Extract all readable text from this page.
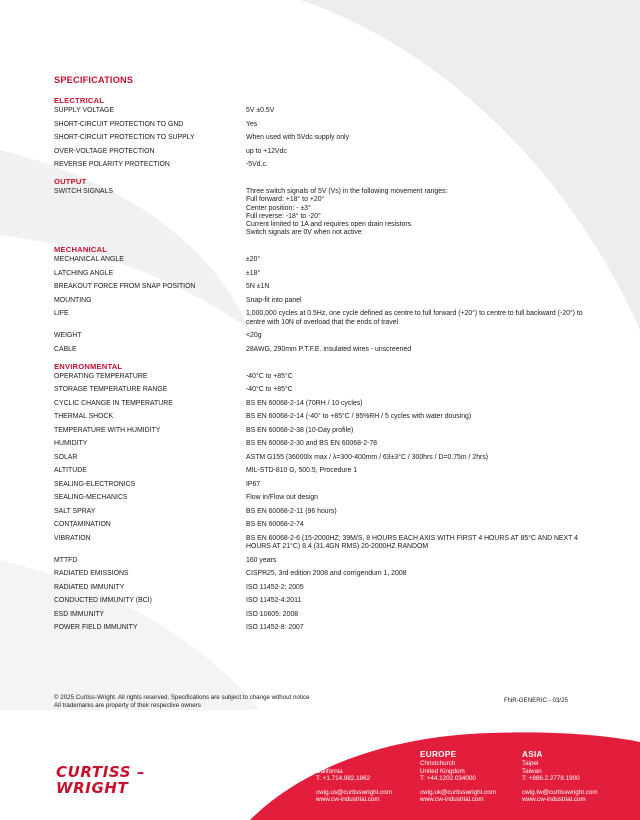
SPECIFICATIONS
ELECTRICAL
SUPPLY VOLTAGE	5V ±0.5V
SHORT-CIRCUIT PROTECTION TO GND	Yes
SHORT-CIRCUIT PROTECTION TO SUPPLY	When used with 5Vdc supply only
OVER-VOLTAGE PROTECTION	up to +12Vdc
REVERSE POLARITY PROTECTION	-5Vd.c.
OUTPUT
SWITCH SIGNALS	Three switch signals of 5V (Vs) in the following movement ranges:
Full forward: +18° to +20°
Center position: - ±3°
Full reverse: -18° to -20°
Current limited to 1A and requires open drain resistors
Switch signals are 0V when not active
MECHANICAL
MECHANICAL ANGLE	±20°
LATCHING ANGLE	±18°
BREAKOUT FORCE FROM SNAP POSITION	5N ±1N
MOUNTING	Snap-fit into panel
LIFE	1,000,000 cycles at 0.5Hz, one cycle defined as centre to full forward (+20°) to centre to full backward (-20°) to centre with 10N of overload that the ends of travel
WEIGHT	<20g
CABLE	28AWG, 290mm P.T.F.E. insulated wires - unscreened
ENVIRONMENTAL
OPERATING TEMPERATURE	-40°C to +85°C
STORAGE TEMPERATURE RANGE	-40°C to +85°C
CYCLIC CHANGE IN TEMPERATURE	BS EN 60068-2-14 (70RH / 10 cycles)
THERMAL SHOCK	BS EN 60068-2-14 (-40° to +85°C / 95%RH / 5 cycles with water dousing)
TEMPERATURE WITH HUMIDITY	BS EN 60068-2-38 (10-Day profile)
HUMIDITY	BS EN 60068-2-30 and BS EN 60068-2-78
SOLAR	ASTM G155 (36000lx max / λ=300-400mm / 63±3°C / 300hrs / D=0.75m / 2hrs)
ALTITUDE	MIL-STD-810 G, 500.5, Procedure 1
SEALING-ELECTRONICS	IP67
SEALING-MECHANICS	Flow in/Flow out design
SALT SPRAY	BS EN 60068-2-11 (96 hours)
CONTAMINATION	BS EN 60068-2-74
VIBRATION	BS EN 60068-2-6 (15-2000HZ; 39M/S, 8 HOURS EACH AXIS WITH FIRST 4 HOURS AT 85°C AND NEXT 4 HOURS AT 21°C) 8.4 (31.4GN RMS) 20-2000HZ RANDOM
MTTFD	160 years
RADIATED EMISSIONS	CISPR25, 3rd edition 2008 and corrigendum 1, 2008
RADIATED IMMUNITY	ISO 11452-2; 2005
CONDUCTED IMMUNITY (BCI)	ISO 11452-4:2011
ESD IMMUNITY	ISO 10605: 2008
POWER FIELD IMMUNITY	ISO 11452-8: 2007
© 2025 Curtiss-Wright. All rights reserved. Specifications are subject to change without notice
All trademarks are property of their respective owners
FNR-GENERIC - 03/25
CURTISS –
WRIGHT
USA
LA
California
T: +1.714.982.1862
cwig.us@curtisswright.com
www.cw-industrial.com
EUROPE
Christchurch
United Kingdom
T: +44.1202.034000
cwig.uk@curtisswright.com
www.cw-industrial.com
ASIA
Taipei
Taiwan
T: +886.2.2778.1900
cwig.tw@curtisswright.com
www.cw-industrial.com
